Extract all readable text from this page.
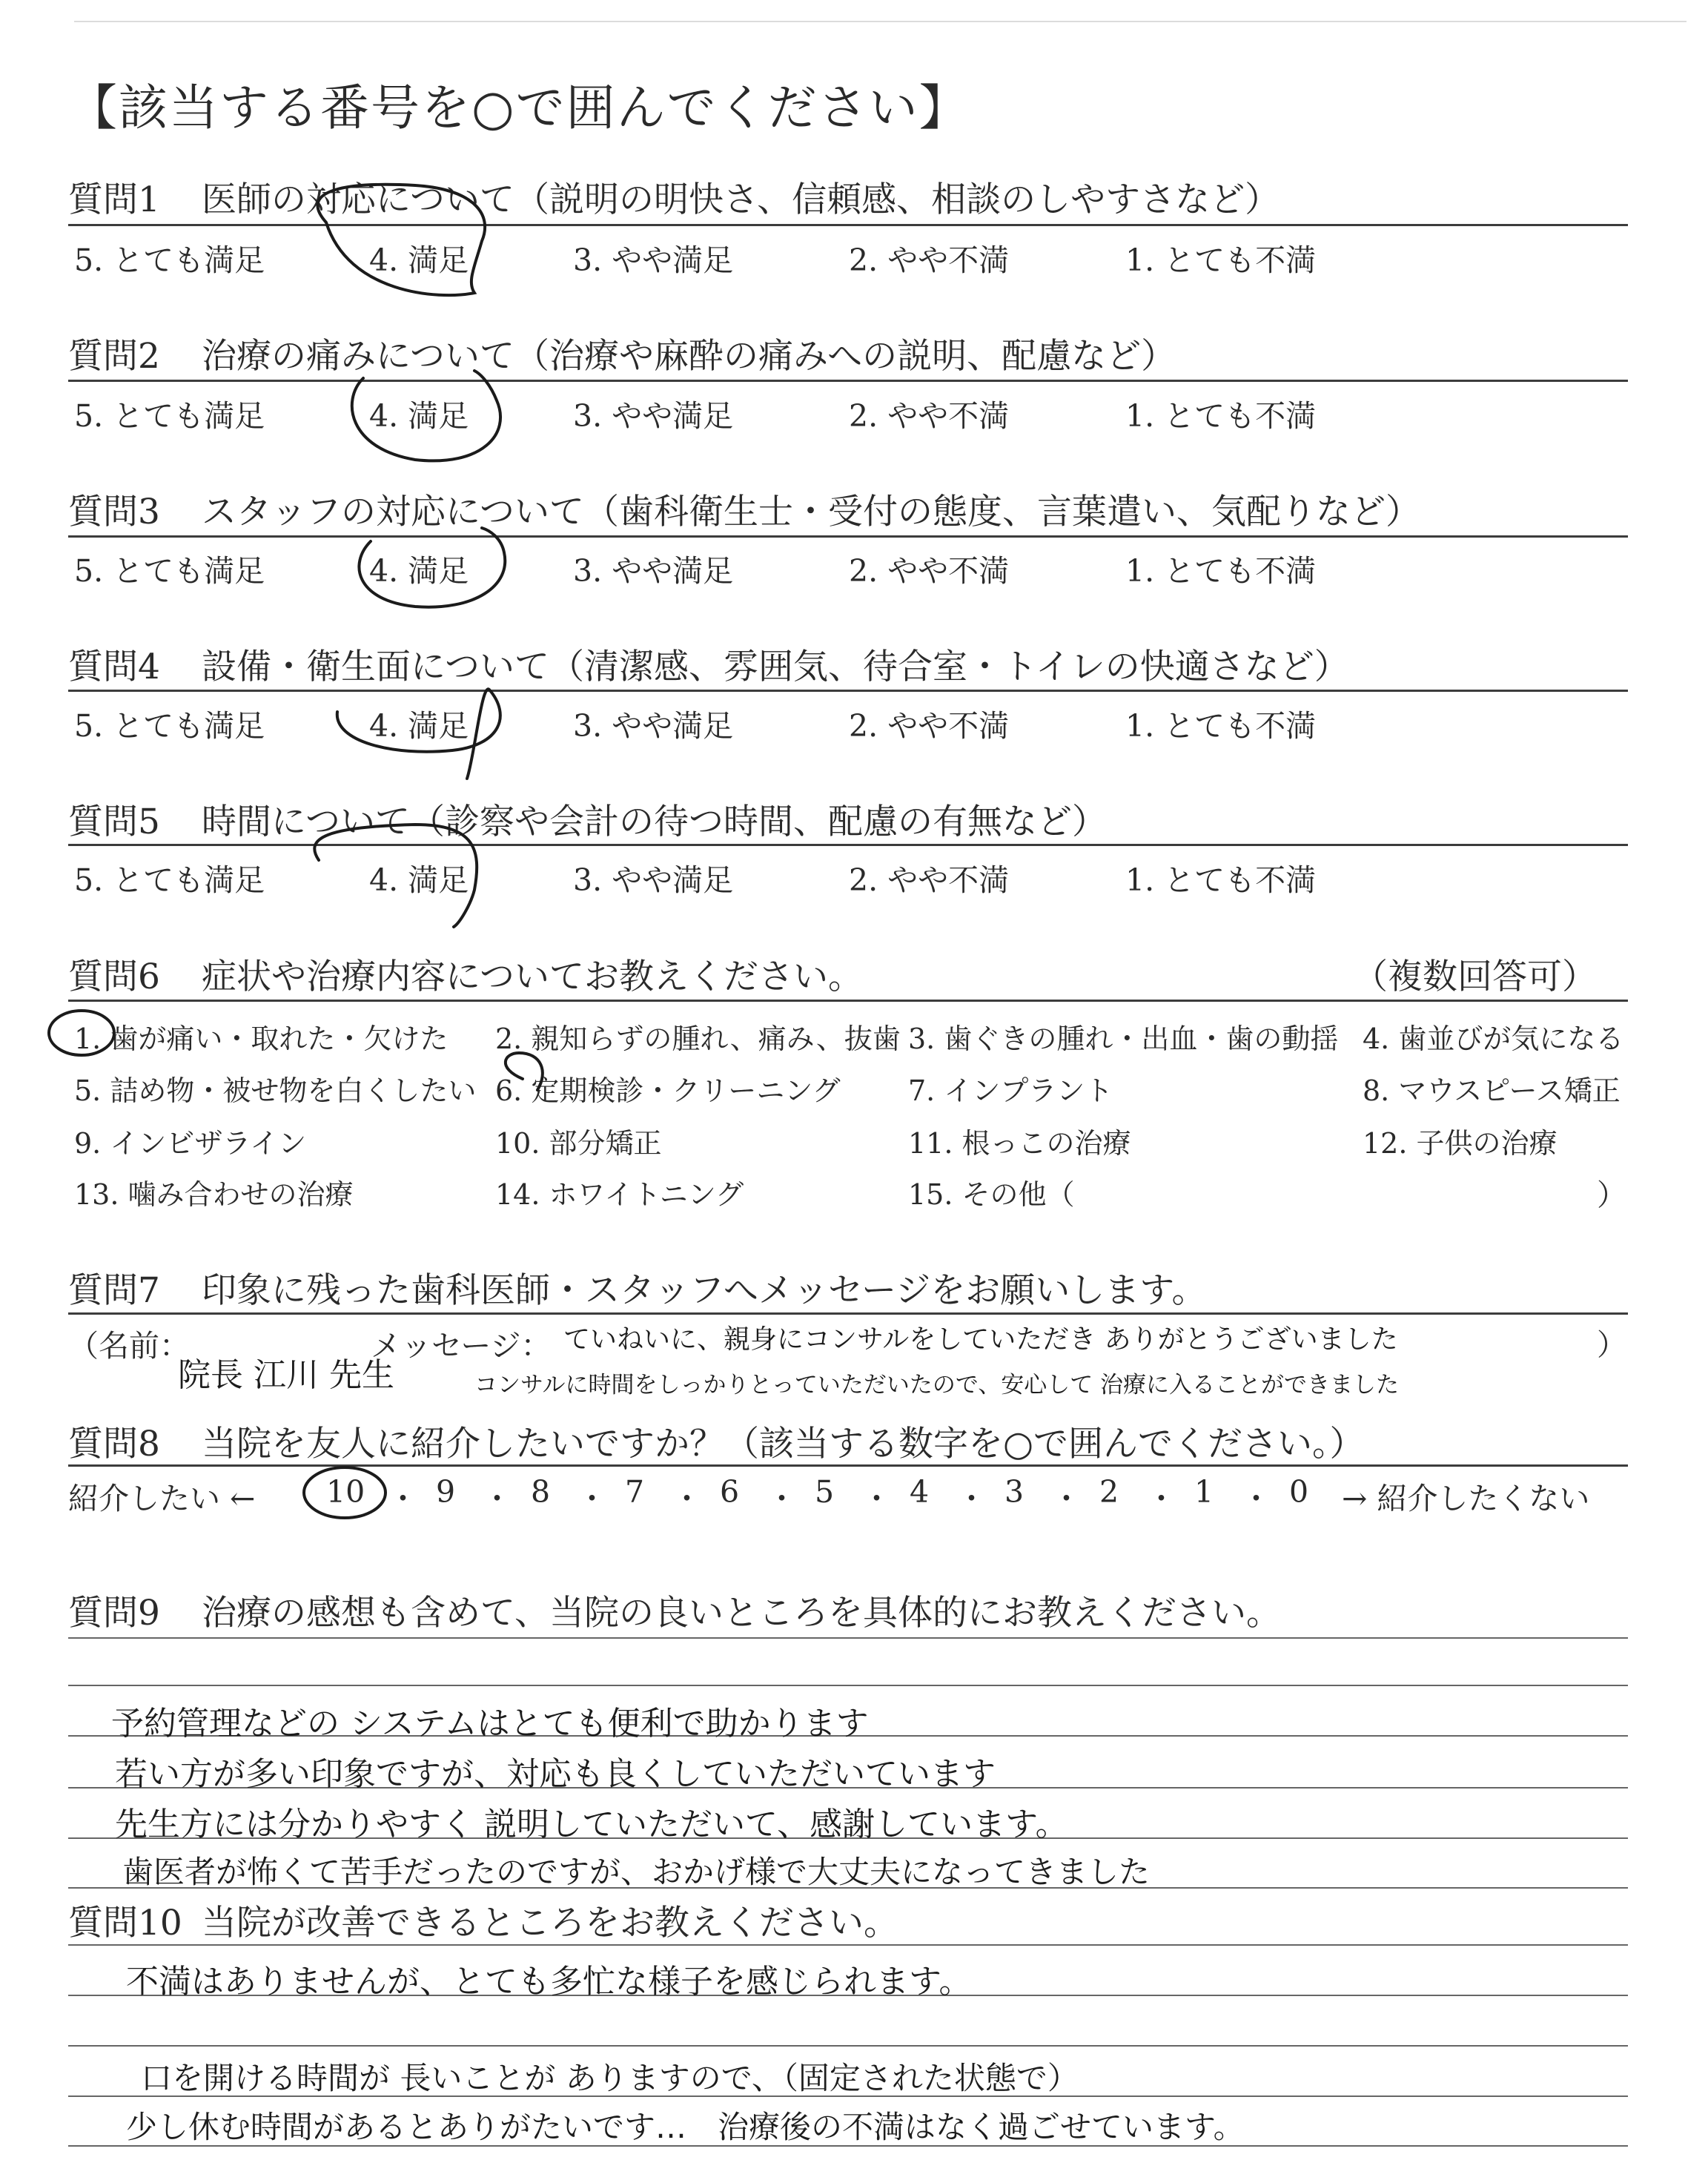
【該当する番号を○で囲んでください】
質問1 医師の対応について（説明の明快さ、信頼感、相談のしやすさなど）
5. とても満足	4. 満足	3. やや満足	2. やや不満	1. とても不満
質問2 治療の痛みについて（治療や麻酔の痛みへの説明、配慮など）
5. とても満足	4. 満足	3. やや満足	2. やや不満	1. とても不満
質問3 スタッフの対応について（歯科衛生士・受付の態度、言葉遣い、気配りなど）
5. とても満足	4. 満足	3. やや満足	2. やや不満	1. とても不満
質問4 設備・衛生面について（清潔感、雰囲気、待合室・トイレの快適さなど）
5. とても満足	4. 満足	3. やや満足	2. やや不満	1. とても不満
質問5 時間について（診察や会計の待つ時間、配慮の有無など）
5. とても満足	4. 満足	3. やや満足	2. やや不満	1. とても不満
質問6 症状や治療内容についてお教えください。	（複数回答可）
1. 歯が痛い・取れた・欠けた 2. 親知らずの腫れ、痛み、抜歯 3. 歯ぐきの腫れ・出血・歯の動揺 4. 歯並びが気になる
5. 詰め物・被せ物を白くしたい 6. 定期検診・クリーニング 7. インプラント	8. マウスピース矯正
9. インビザライン	10. 部分矯正	11. 根っこの治療	12. 子供の治療
13. 噛み合わせの治療	14. ホワイトニング	15. その他（	）
質問7 印象に残った歯科医師・スタッフへメッセージをお願いします。
（名前：	メッセージ：	）
院長 江川 先生
ていねいに、親身にコンサルをしていただき ありがとうございました
コンサルに時間をしっかりとっていただいたので、安心して 治療に入ることができました
質問8 当院を友人に紹介したいですか？（該当する数字を○で囲んでください。）
紹介したい ← 10 ・ 9 ・ 8 ・ 7 ・ 6 ・ 5 ・ 4 ・ 3 ・ 2 ・ 1 ・ 0 → 紹介したくない
質問9 治療の感想も含めて、当院の良いところを具体的にお教えください。
予約管理などの システムはとても便利で助かります
若い方が多い印象ですが、対応も良くしていただいています
先生方には分かりやすく 説明していただいて、感謝しています。
歯医者が怖くて苦手だったのですが、おかげ様で大丈夫になってきました
質問10 当院が改善できるところをお教えください。
不満はありませんが、とても多忙な様子を感じられます。
口を開ける時間が 長いことが ありますので、（固定された状態で）
少し休む時間があるとありがたいです…　治療後の不満はなく過ごせています。
